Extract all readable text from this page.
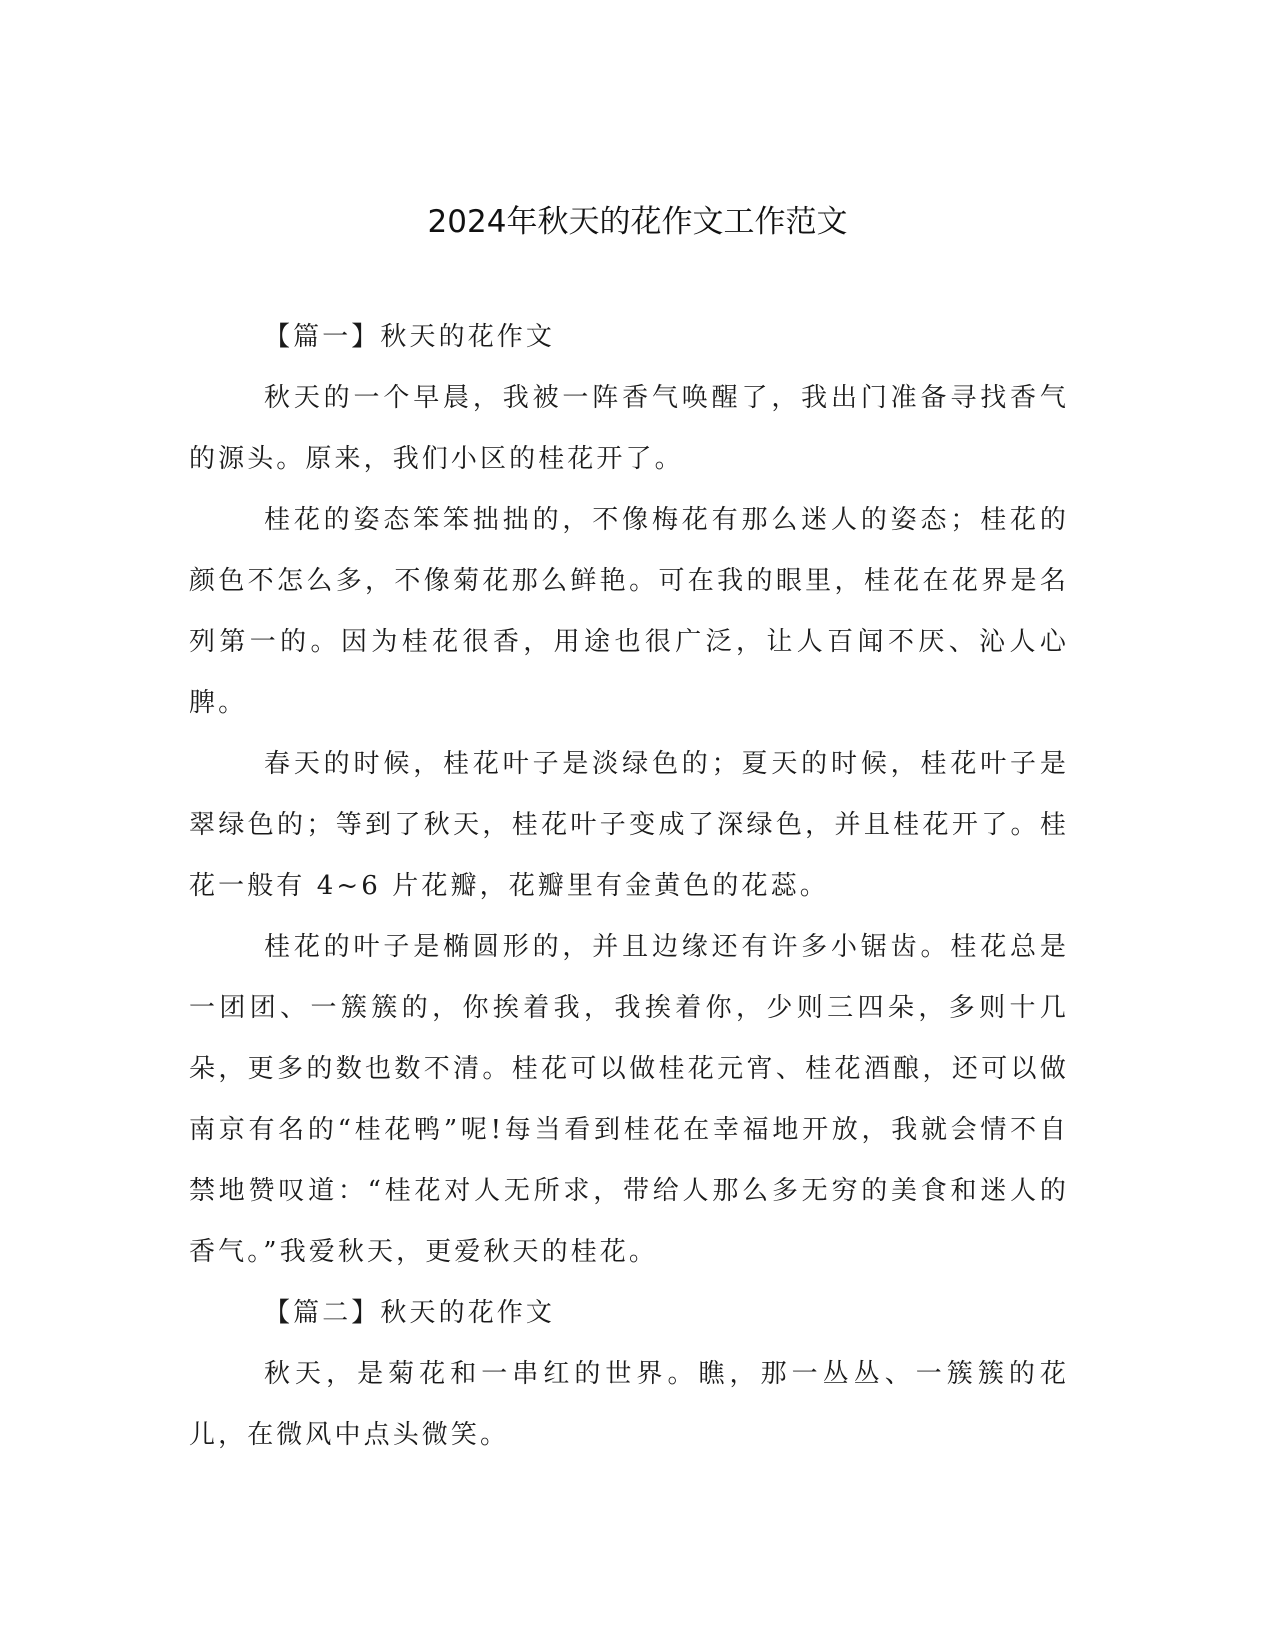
2024年秋天的花作文工作范文

【篇一】秋天的花作文

秋天的一个早晨，我被一阵香气唤醒了，我出门准备寻找香气的源头。原来，我们小区的桂花开了。

桂花的姿态笨笨拙拙的，不像梅花有那么迷人的姿态；桂花的颜色不怎么多，不像菊花那么鲜艳。可在我的眼里，桂花在花界是名列第一的。因为桂花很香，用途也很广泛，让人百闻不厌、沁人心脾。

春天的时候，桂花叶子是淡绿色的；夏天的时候，桂花叶子是翠绿色的；等到了秋天，桂花叶子变成了深绿色，并且桂花开了。桂花一般有 4~6 片花瓣，花瓣里有金黄色的花蕊。

桂花的叶子是椭圆形的，并且边缘还有许多小锯齿。桂花总是一团团、一簇簇的，你挨着我，我挨着你，少则三四朵，多则十几朵，更多的数也数不清。桂花可以做桂花元宵、桂花酒酿，还可以做南京有名的“桂花鸭”呢!每当看到桂花在幸福地开放，我就会情不自禁地赞叹道：“桂花对人无所求，带给人那么多无穷的美食和迷人的香气。”我爱秋天，更爱秋天的桂花。

【篇二】秋天的花作文

秋天，是菊花和一串红的世界。瞧，那一丛丛、一簇簇的花儿，在微风中点头微笑。
